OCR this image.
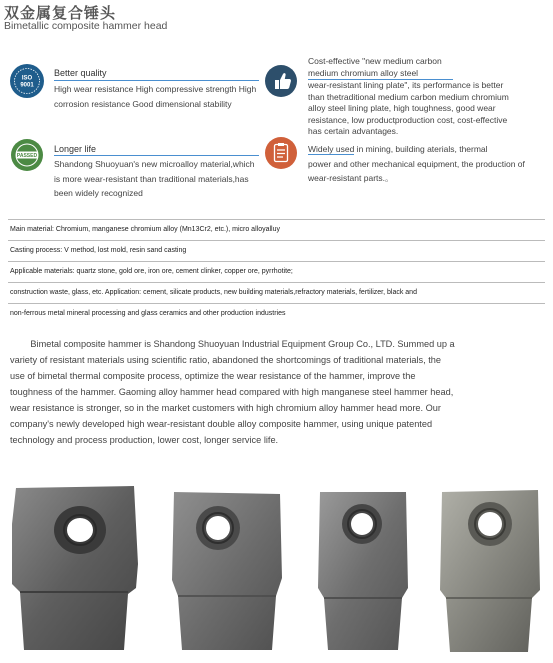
双金属复合锤头
Bimetallic composite hammer head
ISO
9001
Better quality
High wear resistance High compressive strength High
corrosion resistance Good dimensional stability
Cost-effective "new medium carbon
medium chromium alloy steel
wear-resistant lining plate", its performance is better
than thetraditional medium carbon medium chromium
alloy steel lining plate, high toughness, good wear
resistance, low productproduction cost, cost-effective
has certain advantages.
PASSED
Longer life
Shandong Shuoyuan's new microalloy material,which
is more wear-resistant than traditional materials,has
been widely recognized
Widely used in mining, building aterials, thermal
power and other mechanical equipment, the production of
wear-resistant parts.。
Main material: Chromium, manganese chromium alloy (Mn13Cr2, etc.), micro alloyalluy
Casting process: V method, lost mold, resin sand casting
Applicable materials: quartz stone, gold ore, iron ore, cement clinker, copper ore, pyrrhotite;
construction waste, glass, etc. Application: cement, silicate products, new building materials,refractory materials, fertilizer, black and
non-ferrous metal mineral processing and glass ceramics and other production industries
Bimetal composite hammer is Shandong Shuoyuan Industrial Equipment Group Co., LTD. Summed up a
variety of resistant materials using scientific ratio, abandoned the shortcomings of traditional materials, the
use of bimetal thermal composite process, optimize the wear resistance of the hammer, improve the
toughness of the hammer. Gaoming alloy hammer head compared with high manganese steel hammer head,
wear resistance is stronger, so in the market customers with high chromium alloy hammer head more. Our
company's newly developed high wear-resistant double alloy composite hammer, using unique patented
technology and process production, lower cost, longer service life.
